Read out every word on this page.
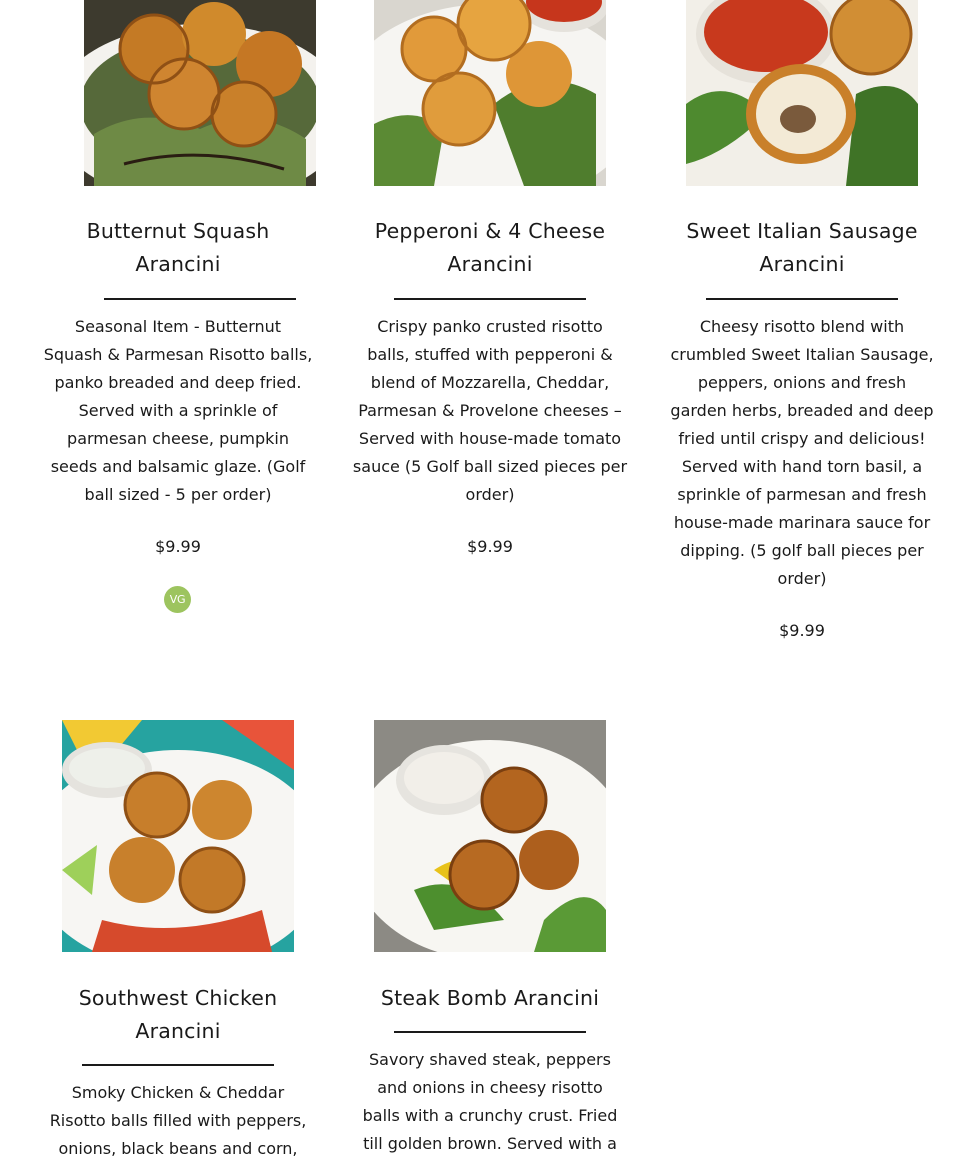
Butternut Squash
Arancini
Seasonal Item - Butternut
Squash & Parmesan Risotto balls,
panko breaded and deep fried.
Served with a sprinkle of
parmesan cheese, pumpkin
seeds and balsamic glaze. (Golf
ball sized - 5 per order)
$9.99
VG
Pepperoni & 4 Cheese
Arancini
Crispy panko crusted risotto
balls, stuffed with pepperoni &
blend of Mozzarella, Cheddar,
Parmesan & Provelone cheeses –
Served with house-made tomato
sauce (5 Golf ball sized pieces per
order)
$9.99
Sweet Italian Sausage
Arancini
Cheesy risotto blend with
crumbled Sweet Italian Sausage,
peppers, onions and fresh
garden herbs, breaded and deep
fried until crispy and delicious!
Served with hand torn basil, a
sprinkle of parmesan and fresh
house-made marinara sauce for
dipping. (5 golf ball pieces per
order)
$9.99
Southwest Chicken
Arancini
Smoky Chicken & Cheddar
Risotto balls filled with peppers,
onions, black beans and corn,
Steak Bomb Arancini
Savory shaved steak, peppers
and onions in cheesy risotto
balls with a crunchy crust. Fried
till golden brown. Served with a
